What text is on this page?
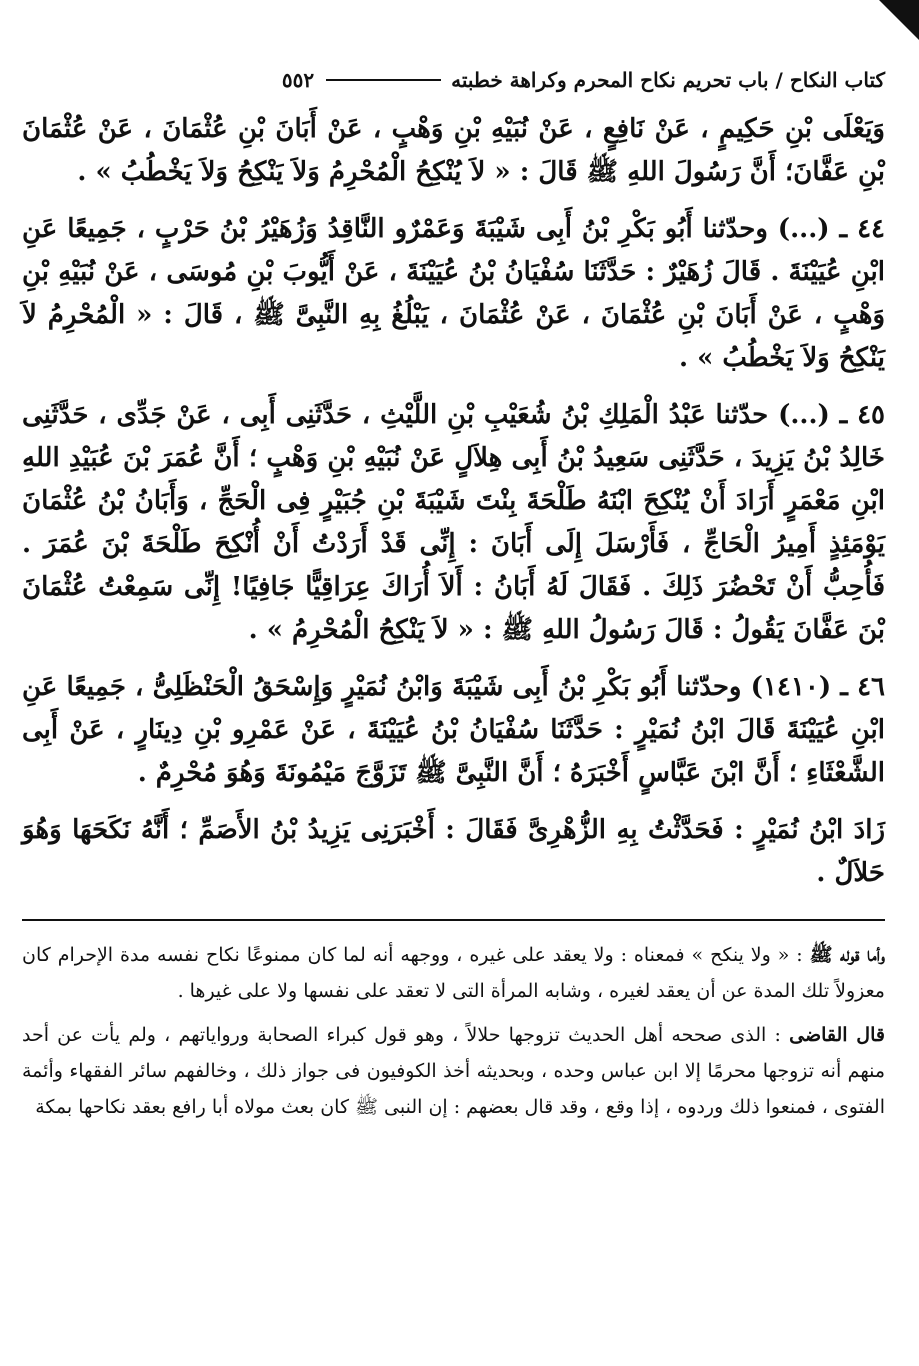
كتاب النكاح / باب تحريم نكاح المحرم وكراهة خطبته
٥٥٢

وَيَعْلَى بْنِ حَكِيمٍ ، عَنْ نَافِعٍ ، عَنْ نُبَيْهِ بْنِ وَهْبٍ ، عَنْ أَبَانَ بْنِ عُثْمَانَ ، عَنْ عُثْمَانَ بْنِ عَفَّانَ؛ أَنَّ رَسُولَ اللهِ ﷺ قَالَ : « لاَ يُنْكِحُ الْمُحْرِمُ وَلاَ يَنْكِحُ وَلاَ يَخْطُبُ » .

٤٤ ـ (...) وحدّثنا أَبُو بَكْرِ بْنُ أَبِى شَيْبَةَ وَعَمْرٌو النَّاقِدُ وَزُهَيْرُ بْنُ حَرْبٍ ، جَمِيعًا عَنِ ابْنِ عُيَيْنَةَ . قَالَ زُهَيْرٌ : حَدَّثَنَا سُفْيَانُ بْنُ عُيَيْنَةَ ، عَنْ أَيُّوبَ بْنِ مُوسَى ، عَنْ نُبَيْهِ بْنِ وَهْبٍ ، عَنْ أَبَانَ بْنِ عُثْمَانَ ، عَنْ عُثْمَانَ ، يَبْلُغُ بِهِ النَّبِىَّ ﷺ ، قَالَ : « الْمُحْرِمُ لاَ يَنْكِحُ وَلاَ يَخْطُبُ » .

٤٥ ـ (...) حدّثنا عَبْدُ الْمَلِكِ بْنُ شُعَيْبِ بْنِ اللَّيْثِ ، حَدَّثَنِى أَبِى ، عَنْ جَدِّى ، حَدَّثَنِى خَالِدُ بْنُ يَزِيدَ ، حَدَّثَنِى سَعِيدُ بْنُ أَبِى هِلاَلٍ عَنْ نُبَيْهِ بْنِ وَهْبٍ ؛ أَنَّ عُمَرَ بْنَ عُبَيْدِ اللهِ ابْنِ مَعْمَرٍ أَرَادَ أَنْ يُنْكِحَ ابْنَهُ طَلْحَةَ بِنْتَ شَيْبَةَ بْنِ جُبَيْرٍ فِى الْحَجِّ ، وَأَبَانُ بْنُ عُثْمَانَ يَوْمَئِذٍ أَمِيرُ الْحَاجِّ ، فَأَرْسَلَ إِلَى أَبَانَ : إِنِّى قَدْ أَرَدْتُ أَنْ أُنْكِحَ طَلْحَةَ بْنَ عُمَرَ . فَأُحِبُّ أَنْ تَحْضُرَ ذَلِكَ . فَقَالَ لَهُ أَبَانُ : أَلاَ أُرَاكَ عِرَاقِيًّا جَافِيًا! إِنِّى سَمِعْتُ عُثْمَانَ بْنَ عَفَّانَ يَقُولُ : قَالَ رَسُولُ اللهِ ﷺ : « لاَ يَنْكِحُ الْمُحْرِمُ » .

٤٦ ـ (١٤١٠) وحدّثنا أَبُو بَكْرِ بْنُ أَبِى شَيْبَةَ وَابْنُ نُمَيْرٍ وَإِسْحَقُ الْحَنْظَلِىُّ ، جَمِيعًا عَنِ ابْنِ عُيَيْنَةَ قَالَ ابْنُ نُمَيْرٍ : حَدَّثَنَا سُفْيَانُ بْنُ عُيَيْنَةَ ، عَنْ عَمْرِو بْنِ دِينَارٍ ، عَنْ أَبِى الشَّعْثَاءِ ؛ أَنَّ ابْنَ عَبَّاسٍ أَخْبَرَهُ ؛ أَنَّ النَّبِىَّ ﷺ تَزَوَّجَ مَيْمُونَةَ وَهُوَ مُحْرِمٌ .

زَادَ ابْنُ نُمَيْرٍ : فَحَدَّثْتُ بِهِ الزُّهْرِىَّ فَقَالَ : أَخْبَرَنِى يَزِيدُ بْنُ الأَصَمِّ ؛ أَنَّهُ نَكَحَهَا وَهُوَ حَلاَلٌ .

وأما قوله ﷺ : « ولا ينكح » فمعناه : ولا يعقد على غيره ، ووجهه أنه لما كان ممنوعًا نكاح نفسه مدة الإحرام كان معزولاً تلك المدة عن أن يعقد لغيره ، وشابه المرأة التى لا تعقد على نفسها ولا على غيرها .

قال القاضى : الذى صححه أهل الحديث تزوجها حلالاً ، وهو قول كبراء الصحابة ورواياتهم ، ولم يأت عن أحد منهم أنه تزوجها محرمًا إلا ابن عباس وحده ، وبحديثه أخذ الكوفيون فى جواز ذلك ، وخالفهم سائر الفقهاء وأئمة الفتوى ، فمنعوا ذلك وردوه ، إذا وقع ، وقد قال بعضهم : إن النبى ﷺ كان بعث مولاه أبا رافع بعقد نكاحها بمكة
